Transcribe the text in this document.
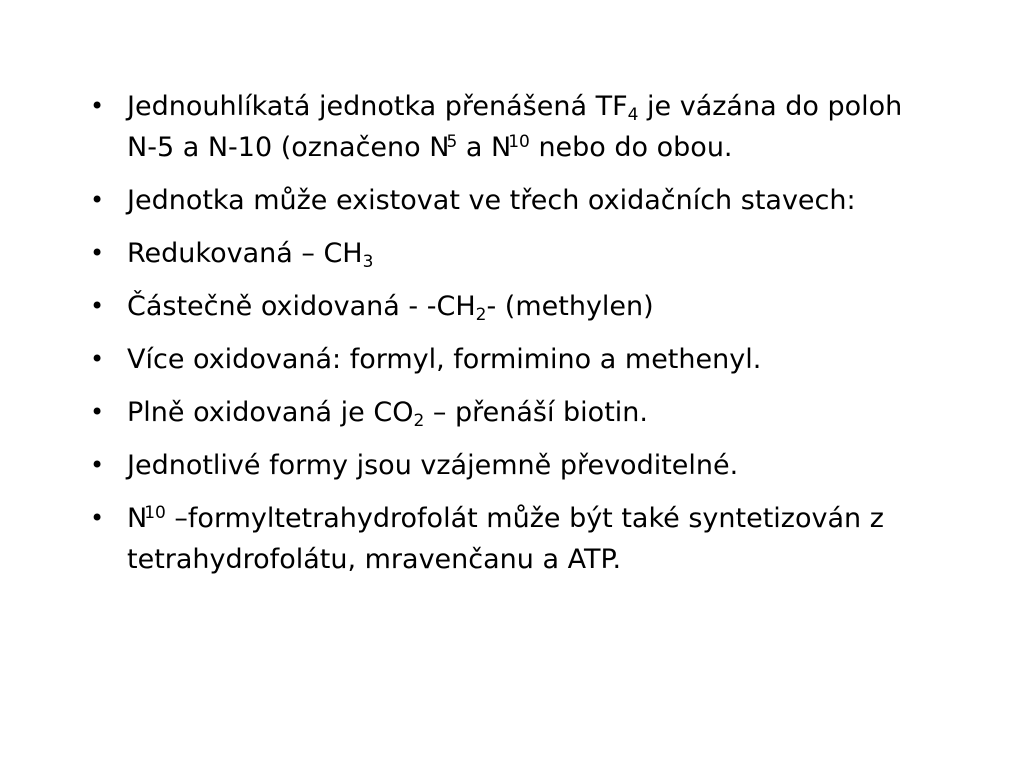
• Jednouhlíkatá jednotka přenášená $TF_4$ je vázána do poloh N-5 a N-10 (označeno $N^5$ a $N^{10}$ nebo do obou.
• Jednotka může existovat ve třech oxidačních stavech:
• Redukovaná – $CH_3$
• Částečně oxidovaná - $-CH_2-$ (methylen)
• Více oxidovaná: formyl, formimino a methenyl.
• Plně oxidovaná je $CO_2$ – přenáší biotin.
• Jednotlivé formy jsou vzájemně převoditelné.
• $N^{10}$ –formyltetrahydrofolát může být také syntetizován z tetrahydrofolátu, mravenčanu a ATP.
